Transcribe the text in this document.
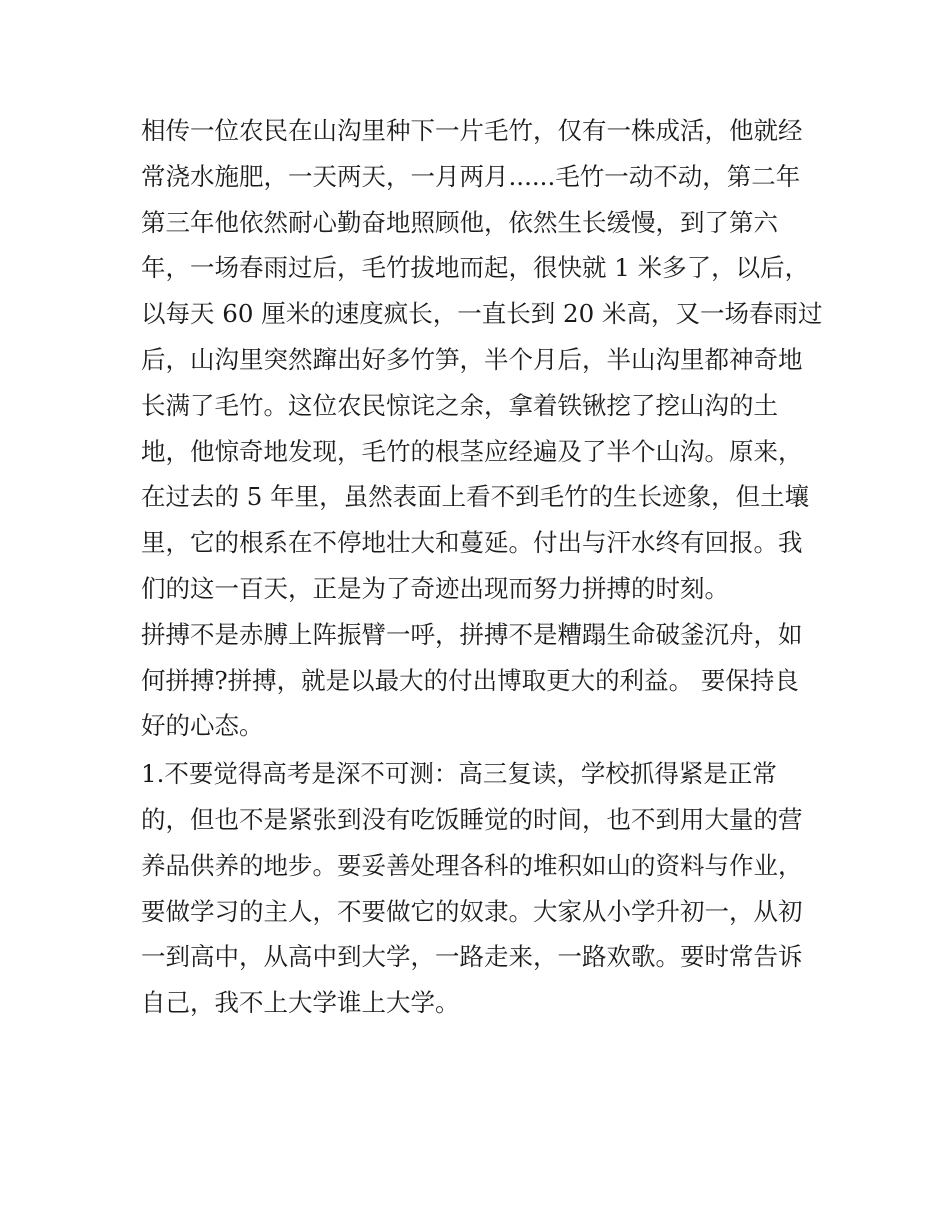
相传一位农民在山沟里种下一片毛竹，仅有一株成活，他就经
常浇水施肥，一天两天，一月两月......毛竹一动不动，第二年
第三年他依然耐心勤奋地照顾他，依然生长缓慢，到了第六
年，一场春雨过后，毛竹拔地而起，很快就 1 米多了，以后，
以每天 60 厘米的速度疯长，一直长到 20 米高，又一场春雨过
后，山沟里突然蹿出好多竹笋，半个月后，半山沟里都神奇地
长满了毛竹。这位农民惊诧之余，拿着铁锹挖了挖山沟的土
地，他惊奇地发现，毛竹的根茎应经遍及了半个山沟。原来，
在过去的 5 年里，虽然表面上看不到毛竹的生长迹象，但土壤
里，它的根系在不停地壮大和蔓延。付出与汗水终有回报。我
们的这一百天，正是为了奇迹出现而努力拼搏的时刻。
拼搏不是赤膊上阵振臂一呼，拼搏不是糟蹋生命破釜沉舟，如
何拼搏?拼搏，就是以最大的付出博取更大的利益。 要保持良
好的心态。
1.不要觉得高考是深不可测：高三复读，学校抓得紧是正常
的，但也不是紧张到没有吃饭睡觉的时间，也不到用大量的营
养品供养的地步。要妥善处理各科的堆积如山的资料与作业，
要做学习的主人，不要做它的奴隶。大家从小学升初一，从初
一到高中，从高中到大学，一路走来，一路欢歌。要时常告诉
自己，我不上大学谁上大学。
